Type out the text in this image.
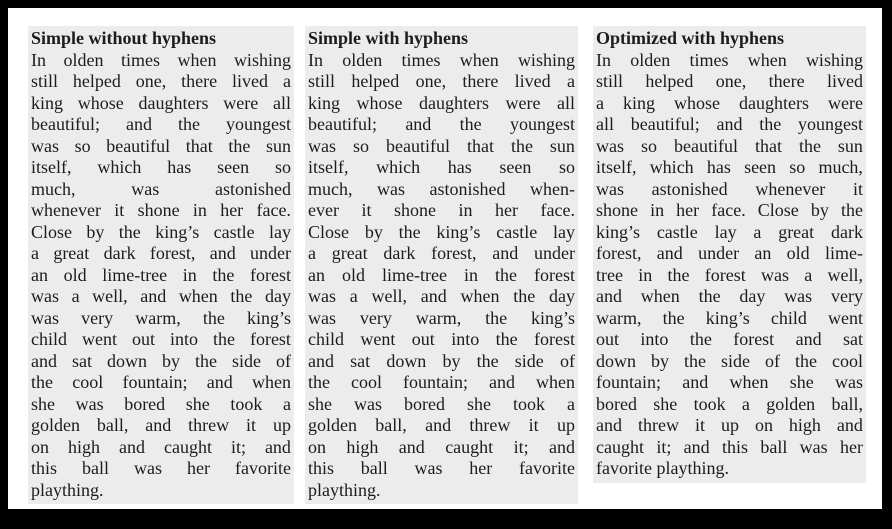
Simple without hyphens
In olden times when wishing
still helped one, there lived a
king whose daughters were all
beautiful; and the youngest
was so beautiful that the sun
itself, which has seen so
much,	was	astonished
whenever it shone in her face.
Close by the king’s castle lay
a great dark forest, and under
an old lime-tree in the forest
was a well, and when the day
was very warm, the king’s
child went out into the forest
and sat down by the side of
the cool fountain; and when
she was bored she took a
golden ball, and threw it up
on high and caught it; and
this ball was her favorite
plaything.
Simple with hyphens
In olden times when wishing
still helped one, there lived a
king whose daughters were all
beautiful; and the youngest
was so beautiful that the sun
itself, which has seen so
much, was astonished when-
ever it shone in her face.
Close by the king’s castle lay
a great dark forest, and under
an old lime-tree in the forest
was a well, and when the day
was very warm, the king’s
child went out into the forest
and sat down by the side of
the cool fountain; and when
she was bored she took a
golden ball, and threw it up
on high and caught it; and
this ball was her favorite
plaything.
Optimized with hyphens
In olden times when wishing
still helped one, there lived
a king whose daughters were
all beautiful; and the youngest
was so beautiful that the sun
itself, which has seen so much,
was astonished whenever it
shone in her face. Close by the
king’s castle lay a great dark
forest, and under an old lime-
tree in the forest was a well,
and when the day was very
warm, the king’s child went
out into the forest and sat
down by the side of the cool
fountain; and when she was
bored she took a golden ball,
and threw it up on high and
caught it; and this ball was her
favorite plaything.
